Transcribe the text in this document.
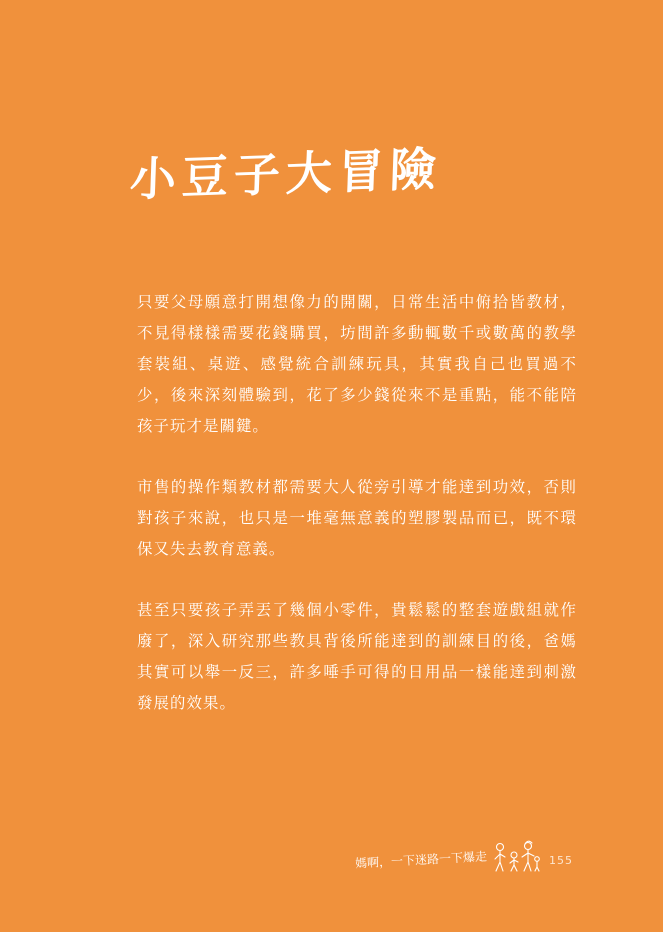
小豆子大冒險

只要父母願意打開想像力的開關，日常生活中俯拾皆教材，不見得樣樣需要花錢購買，坊間許多動輒數千或數萬的教學套裝組、桌遊、感覺統合訓練玩具，其實我自己也買過不少，後來深刻體驗到，花了多少錢從來不是重點，能不能陪孩子玩才是關鍵。

市售的操作類教材都需要大人從旁引導才能達到功效，否則對孩子來說，也只是一堆毫無意義的塑膠製品而已，既不環保又失去教育意義。

甚至只要孩子弄丟了幾個小零件，貴鬆鬆的整套遊戲組就作廢了，深入研究那些教具背後所能達到的訓練目的後，爸媽其實可以舉一反三，許多唾手可得的日用品一樣能達到刺激發展的效果。

媽啊，一下迷路一下爆走	155
